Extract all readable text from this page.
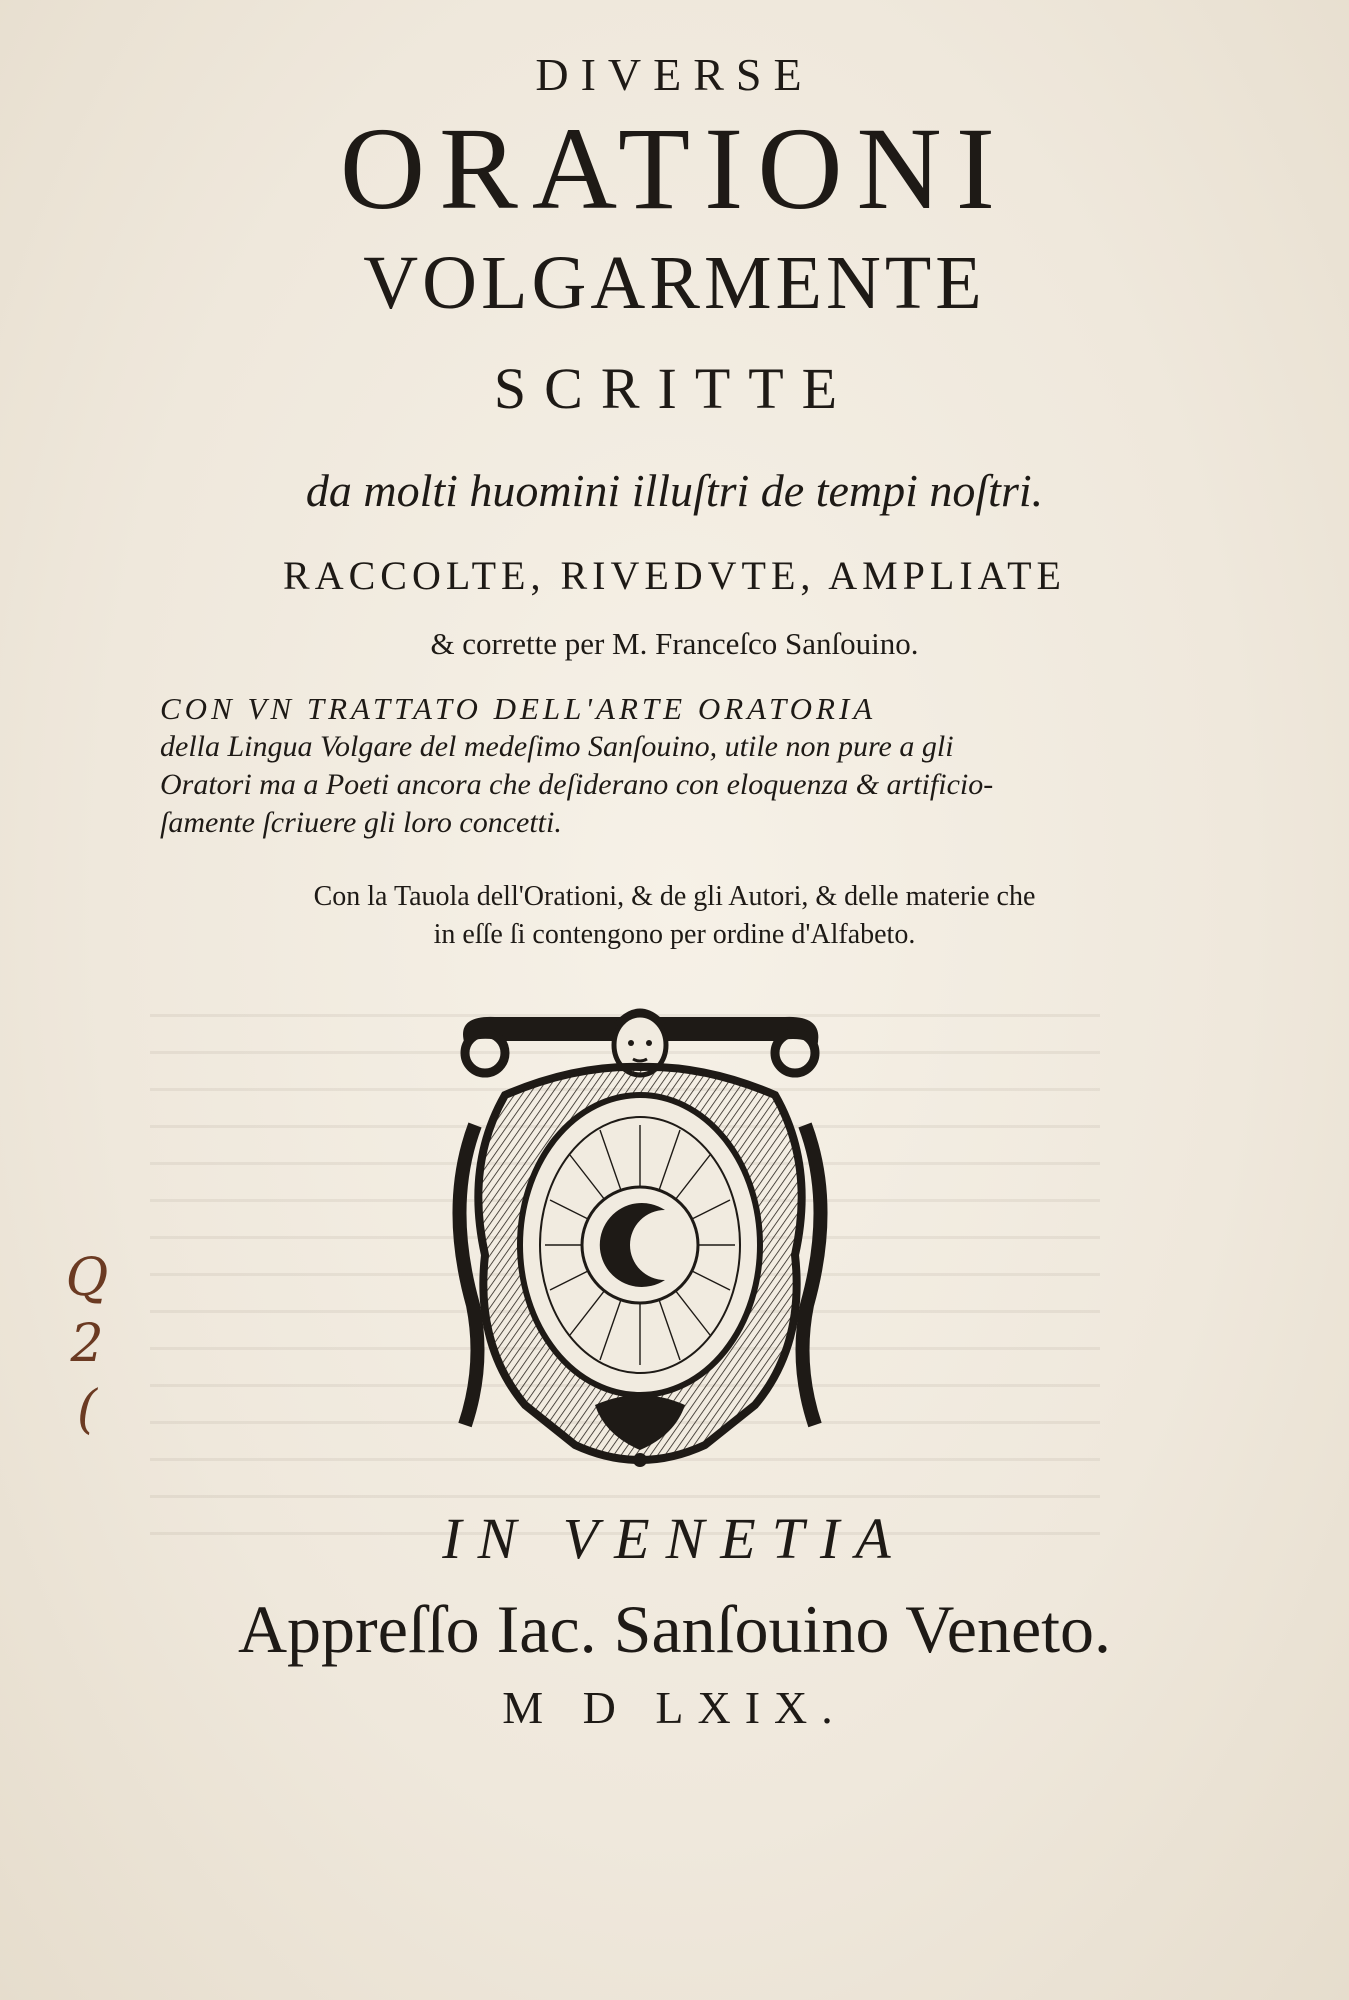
DIVERSE
ORATIONI
VOLGARMENTE
SCRITTE
da molti huomini illuſtri de tempi noſtri.
RACCOLTE, RIVEDVTE, AMPLIATE
& corrette per M. Franceſco Sanſouino.
CON VN TRATTATO DELL'ARTE ORATORIA
della Lingua Volgare del medeſimo Sanſouino, utile non pure a gli
Oratori ma a Poeti ancora che deſiderano con eloquenza & artificio-
ſamente ſcriuere gli loro concetti.
Con la Tauola dell'Orationi, & de gli Autori, & delle materie che
in eſſe ſi contengono per ordine d'Alfabeto.
IN VENETIA
Appreſſo Iac. Sanſouino Veneto.
M D LXIX.
Q
2
(
